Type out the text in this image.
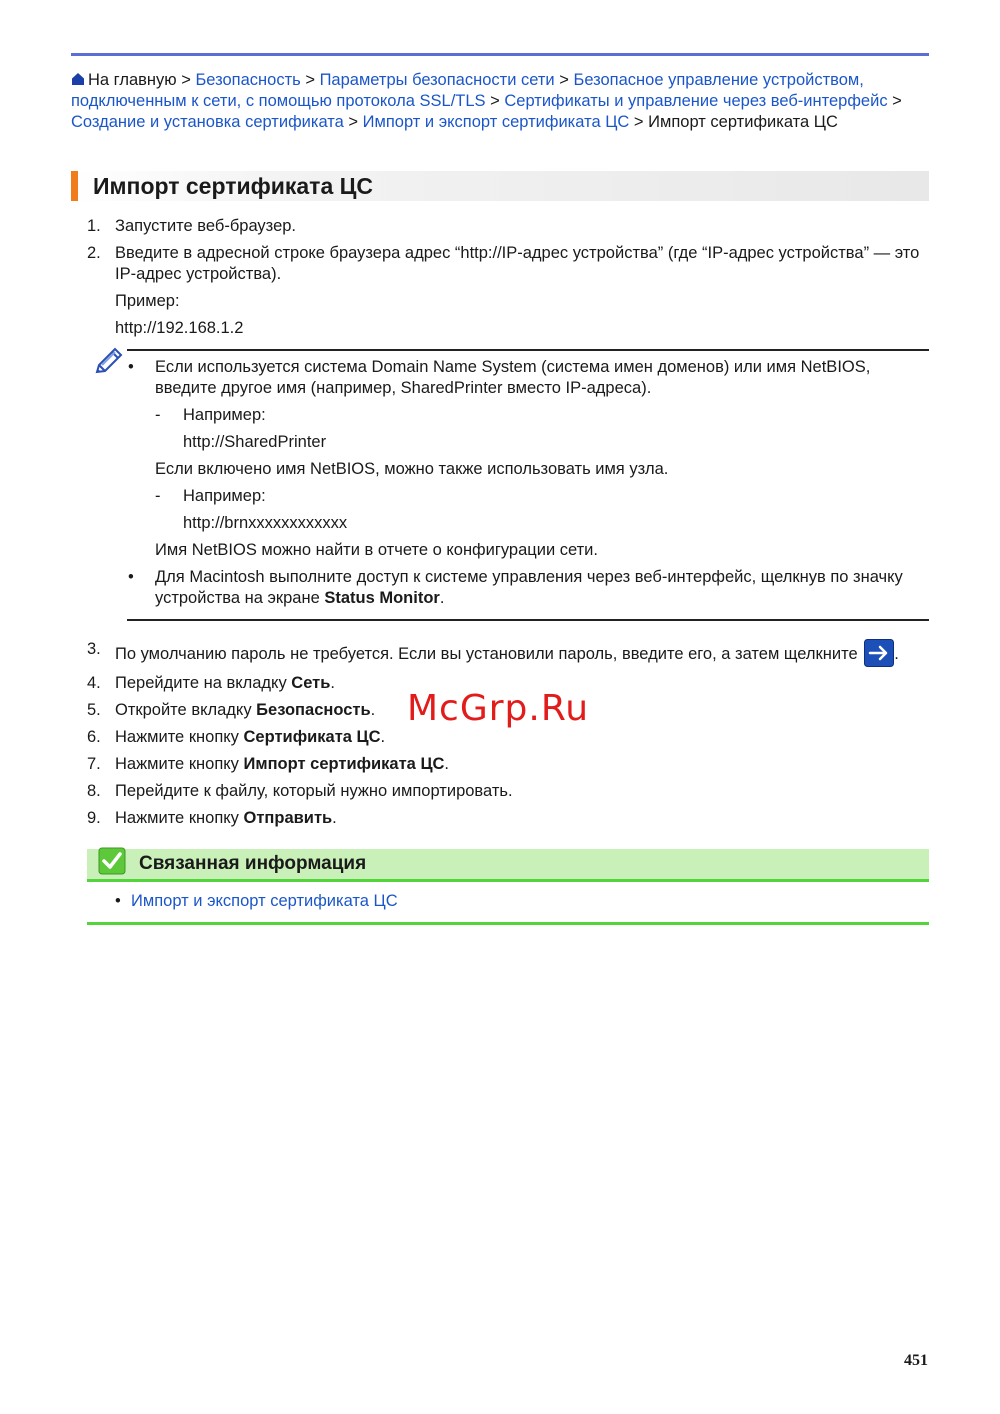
На главную > Безопасность > Параметры безопасности сети > Безопасное управление устройством, подключенным к сети, с помощью протокола SSL/TLS > Сертификаты и управление через веб-интерфейс > Создание и установка сертификата > Импорт и экспорт сертификата ЦС > Импорт сертификата ЦС
Импорт сертификата ЦС
1. Запустите веб-браузер.

2. Введите в адресной строке браузера адрес “http://IP-адрес устройства” (где “IP-адрес устройства” — это IP-адрес устройства).

Пример:

http://192.168.1.2

• Если используется система Domain Name System (система имен доменов) или имя NetBIOS, введите другое имя (например, SharedPrinter вместо IP-адреса).
- Например:
http://SharedPrinter
Если включено имя NetBIOS, можно также использовать имя узла.
- Например:
http://brnxxxxxxxxxxxx
Имя NetBIOS можно найти в отчете о конфигурации сети.
• Для Macintosh выполните доступ к системе управления через веб-интерфейс, щелкнув по значку устройства на экране Status Monitor.
3. По умолчанию пароль не требуется. Если вы установили пароль, введите его, а затем щелкните .
4. Перейдите на вкладку Сеть.
5. Откройте вкладку Безопасность.
6. Нажмите кнопку Сертификата ЦС.
7. Нажмите кнопку Импорт сертификата ЦС.
8. Перейдите к файлу, который нужно импортировать.
9. Нажмите кнопку Отправить.
McGrp.Ru
Связанная информация
• Импорт и экспорт сертификата ЦС
451
